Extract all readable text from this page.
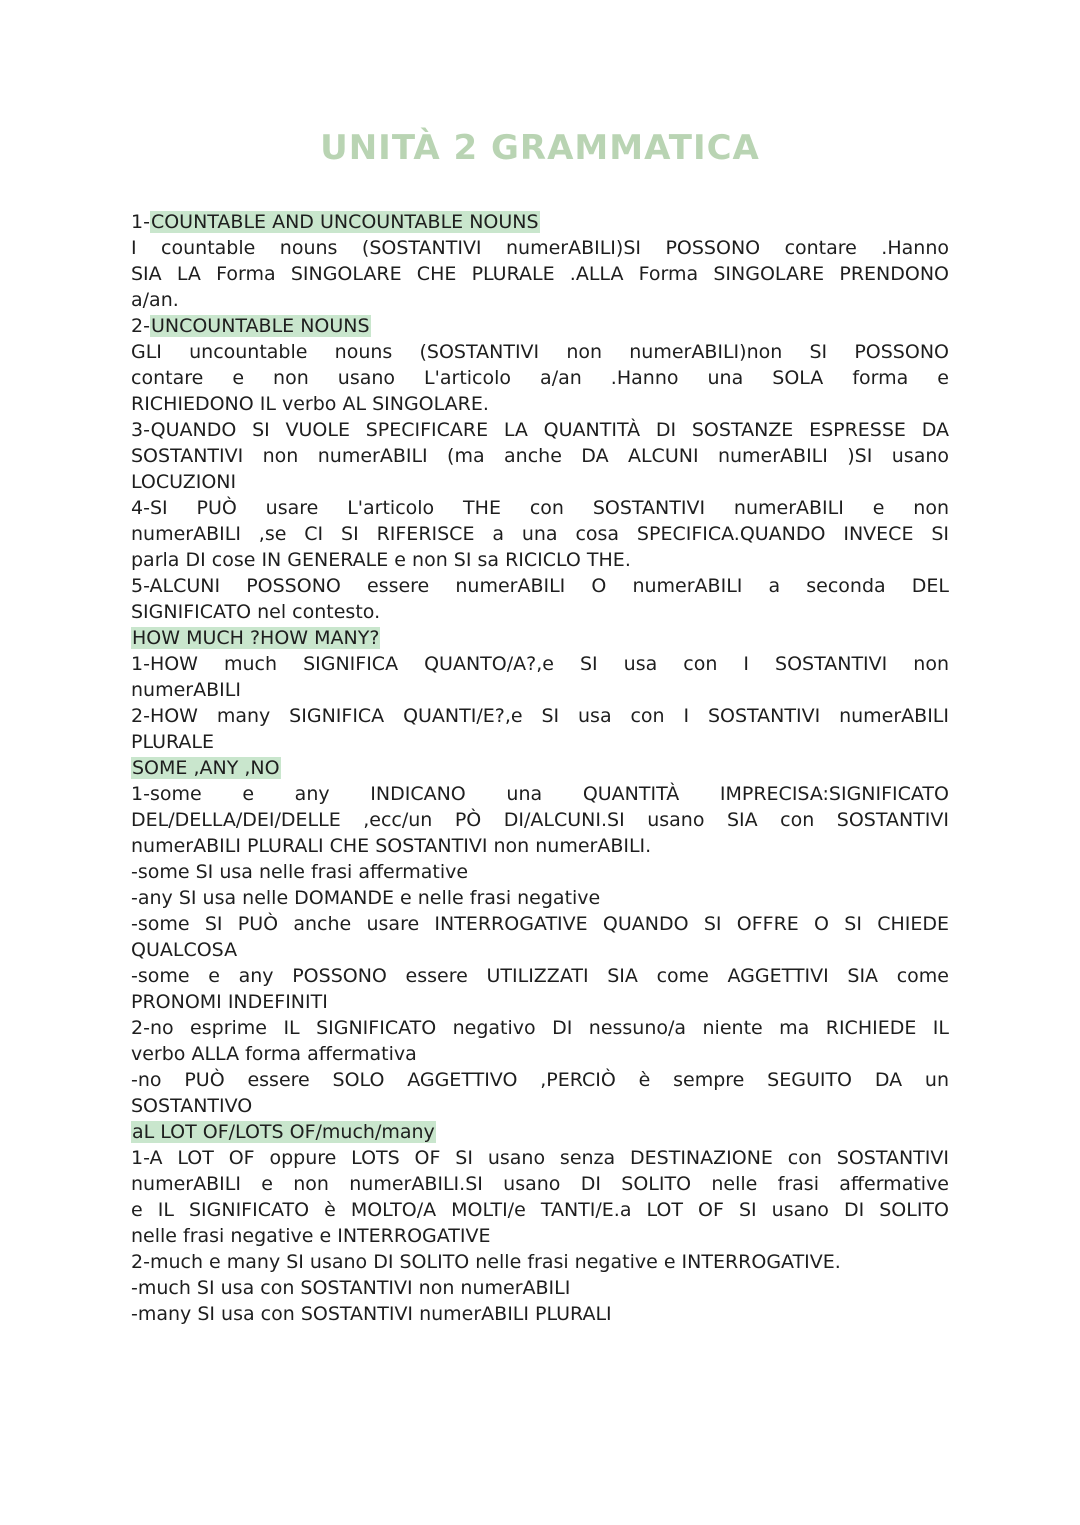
UNITÀ 2 GRAMMATICA
1-COUNTABLE AND UNCOUNTABLE NOUNS
I countable nouns (SOSTANTIVI numerABILI)SI POSSONO contare .Hanno
SIA LA Forma SINGOLARE CHE PLURALE .ALLA Forma SINGOLARE PRENDONO
a/an.
2-UNCOUNTABLE NOUNS
GLI uncountable nouns (SOSTANTIVI non numerABILI)non SI POSSONO
contare e non usano L'articolo a/an .Hanno una SOLA forma e
RICHIEDONO IL verbo AL SINGOLARE.
3-QUANDO SI VUOLE SPECIFICARE LA QUANTITÀ DI SOSTANZE ESPRESSE DA
SOSTANTIVI non numerABILI (ma anche DA ALCUNI numerABILI )SI usano
LOCUZIONI
4-SI PUÒ usare L'articolo THE con SOSTANTIVI numerABILI e non
numerABILI ,se CI SI RIFERISCE a una cosa SPECIFICA.QUANDO INVECE SI
parla DI cose IN GENERALE e non SI sa RICICLO THE.
5-ALCUNI POSSONO essere numerABILI O numerABILI a seconda DEL
SIGNIFICATO nel contesto.
HOW MUCH ?HOW MANY?
1-HOW much SIGNIFICA QUANTO/A?,e SI usa con I SOSTANTIVI non
numerABILI
2-HOW many SIGNIFICA QUANTI/E?,e SI usa con I SOSTANTIVI numerABILI
PLURALE
SOME ,ANY ,NO
1-some e any INDICANO una QUANTITÀ IMPRECISA:SIGNIFICATO
DEL/DELLA/DEI/DELLE ,ecc/un PÒ DI/ALCUNI.SI usano SIA con SOSTANTIVI
numerABILI PLURALI CHE SOSTANTIVI non numerABILI.
-some SI usa nelle frasi affermative
-any SI usa nelle DOMANDE e nelle frasi negative
-some SI PUÒ anche usare INTERROGATIVE QUANDO SI OFFRE O SI CHIEDE
QUALCOSA
-some e any POSSONO essere UTILIZZATI SIA come AGGETTIVI SIA come
PRONOMI INDEFINITI
2-no esprime IL SIGNIFICATO negativo DI nessuno/a niente ma RICHIEDE IL
verbo ALLA forma affermativa
-no PUÒ essere SOLO AGGETTIVO ,PERCIÒ è sempre SEGUITO DA un
SOSTANTIVO
aL LOT OF/LOTS OF/much/many
1-A LOT OF oppure LOTS OF SI usano senza DESTINAZIONE con SOSTANTIVI
numerABILI e non numerABILI.SI usano DI SOLITO nelle frasi affermative
e IL SIGNIFICATO è MOLTO/A MOLTI/e TANTI/E.a LOT OF SI usano DI SOLITO
nelle frasi negative e INTERROGATIVE
2-much e many SI usano DI SOLITO nelle frasi negative e INTERROGATIVE.
-much SI usa con SOSTANTIVI non numerABILI
-many SI usa con SOSTANTIVI numerABILI PLURALI
